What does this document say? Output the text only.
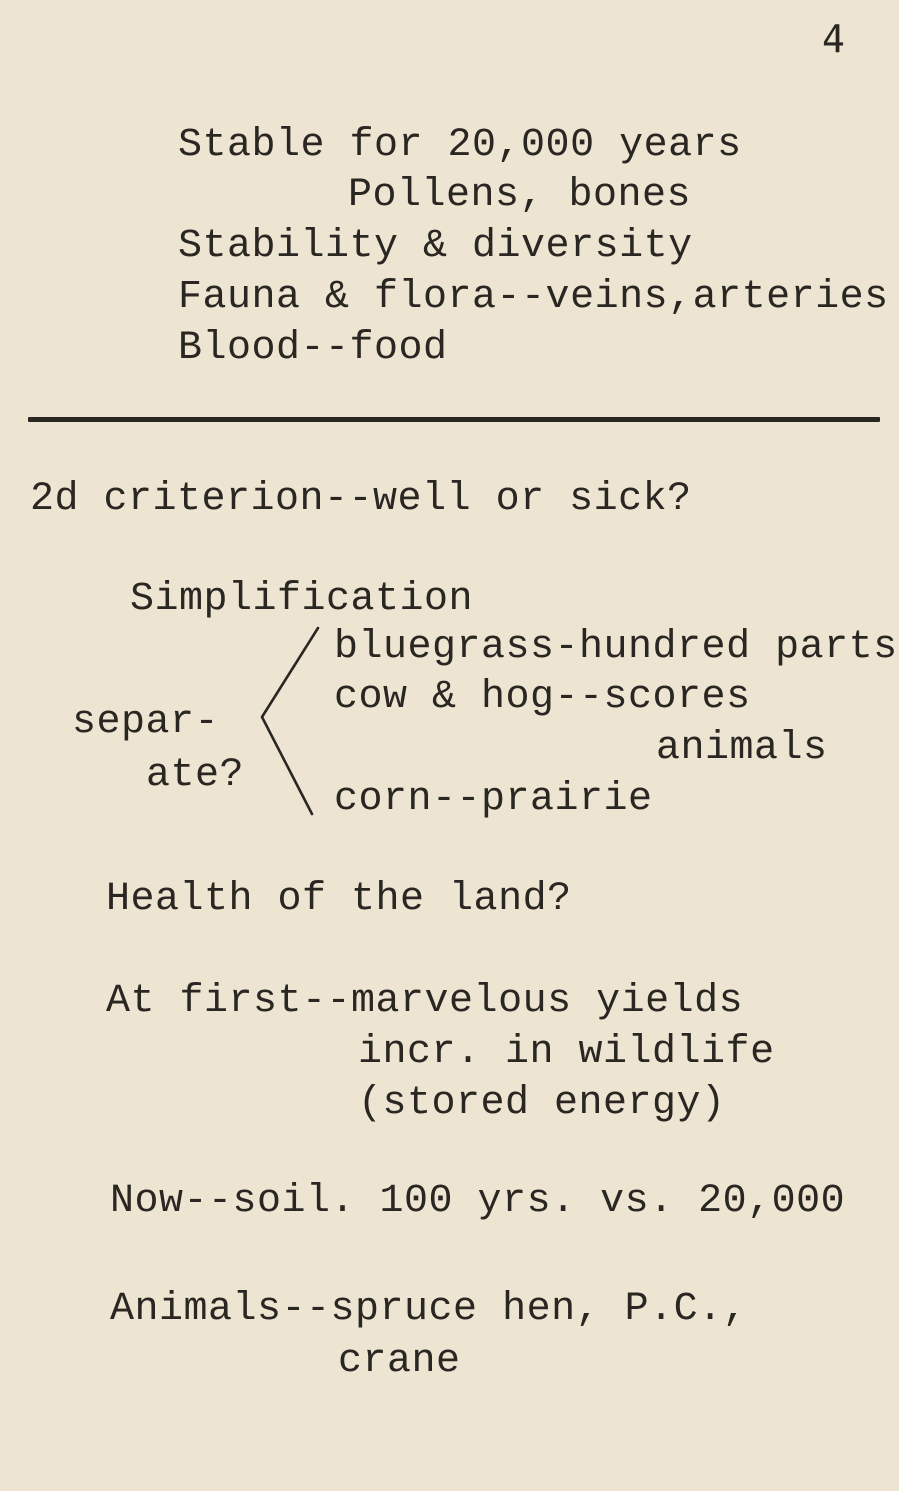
4
Stable for 20,000 years
Pollens, bones
Stability & diversity
Fauna & flora--veins,arteries
Blood--food
2d criterion--well or sick?
Simplification
separ-
ate?
bluegrass-hundred parts
cow & hog--scores
animals
corn--prairie
Health of the land?
At first--marvelous yields
incr. in wildlife
(stored energy)
Now--soil. 100 yrs. vs. 20,000
Animals--spruce hen, P.C.,
crane
